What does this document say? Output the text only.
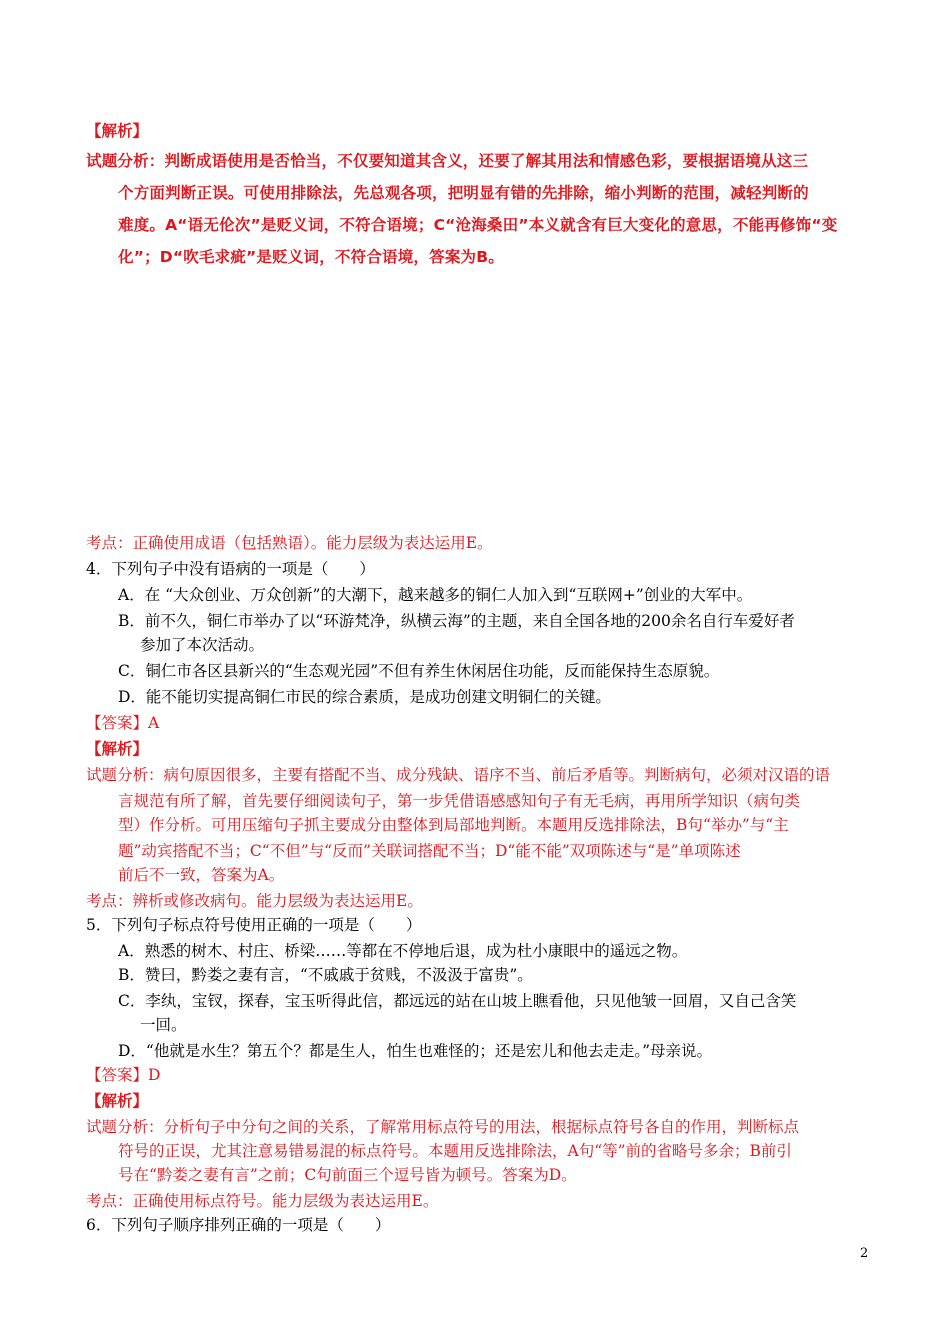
【解析】
试题分析：判断成语使用是否恰当，不仅要知道其含义，还要了解其用法和情感色彩，要根据语境从这三
个方面判断正误。可使用排除法，先总观各项，把明显有错的先排除，缩小判断的范围，减轻判断的
难度。A“语无伦次”是贬义词，不符合语境；C“沧海桑田”本义就含有巨大变化的意思，不能再修饰“变
化”；D“吹毛求疵”是贬义词，不符合语境，答案为B。
考点：正确使用成语（包括熟语）。能力层级为表达运用E。
4．下列句子中没有语病的一项是（　　）
A．在 “大众创业、万众创新”的大潮下，越来越多的铜仁人加入到“互联网+”创业的大军中。
B．前不久，铜仁市举办了以“环游梵净，纵横云海”的主题，来自全国各地的200余名自行车爱好者
参加了本次活动。
C．铜仁市各区县新兴的“生态观光园”不但有养生休闲居住功能，反而能保持生态原貌。
D．能不能切实提高铜仁市民的综合素质，是成功创建文明铜仁的关键。
【答案】A
【解析】
试题分析：病句原因很多，主要有搭配不当、成分残缺、语序不当、前后矛盾等。判断病句，必须对汉语的语
言规范有所了解，首先要仔细阅读句子，第一步凭借语感感知句子有无毛病，再用所学知识（病句类
型）作分析。可用压缩句子抓主要成分由整体到局部地判断。本题用反选排除法，B句“举办”与“主
题”动宾搭配不当；C“不但”与“反而”关联词搭配不当；D“能不能”双项陈述与“是”单项陈述
前后不一致，答案为A。
考点：辨析或修改病句。能力层级为表达运用E。
5．下列句子标点符号使用正确的一项是（　　）
A．熟悉的树木、村庄、桥梁……等都在不停地后退，成为杜小康眼中的遥远之物。
B．赞曰，黔娄之妻有言，“不戚戚于贫贱，不汲汲于富贵”。
C．李纨，宝钗，探春，宝玉听得此信，都远远的站在山坡上瞧看他，只见他皱一回眉，又自己含笑
一回。
D．“他就是水生？第五个？都是生人，怕生也难怪的；还是宏儿和他去走走。”母亲说。
【答案】D
【解析】
试题分析：分析句子中分句之间的关系，了解常用标点符号的用法，根据标点符号各自的作用，判断标点
符号的正误，尤其注意易错易混的标点符号。本题用反选排除法，A句“等”前的省略号多余；B前引
号在“黔娄之妻有言”之前；C句前面三个逗号皆为顿号。答案为D。
考点：正确使用标点符号。能力层级为表达运用E。
6．下列句子顺序排列正确的一项是（　　）
2
